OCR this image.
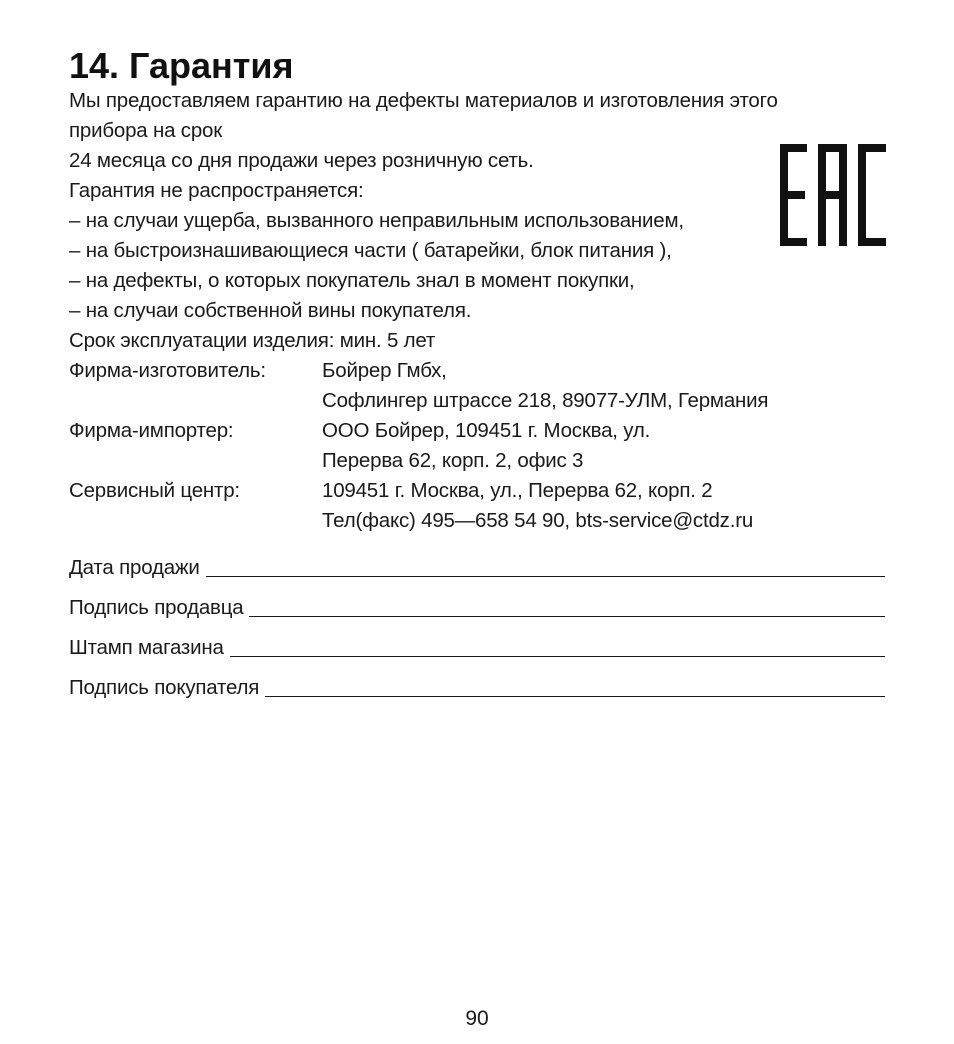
14. Гарантия
Мы предоставляем гарантию на дефекты материалов и изготовления этого
прибора на срок
24 месяца со дня продажи через розничную сеть.
Гарантия не распространяется:
– на случаи ущерба, вызванного неправильным использованием,
– на быстроизнашивающиеся части ( батарейки, блок питания ),
– на дефекты, о которых покупатель знал в момент покупки,
– на случаи собственной вины покупателя.
Срок эксплуатации изделия: мин. 5 лет
Фирма-изготовитель:	Бойрер Гмбх,
Софлингер штрассе 218, 89077-УЛМ, Германия
Фирма-импортер:	ООО Бойрер, 109451 г. Москва, ул.
Перерва 62, корп. 2, офис 3
Сервисный центр:	109451 г. Москва, ул., Перерва 62, корп. 2
Тел(факс) 495—658 54 90, bts-service@ctdz.ru
Дата продажи
Подпись продавца
Штамп магазина
Подпись покупателя
90
